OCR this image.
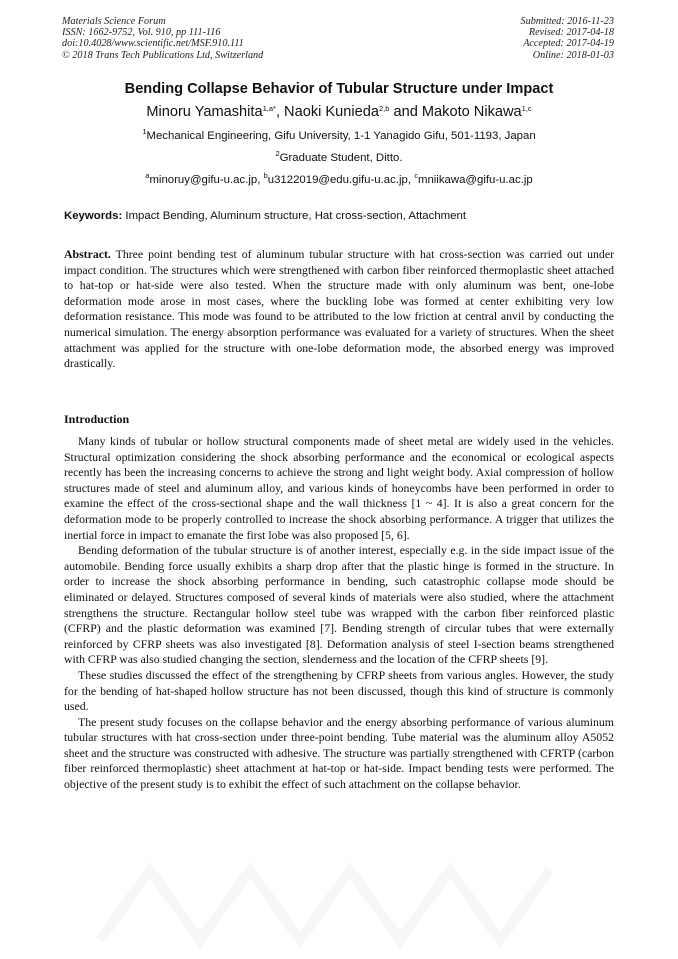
Materials Science Forum
ISSN: 1662-9752, Vol. 910, pp 111-116
doi:10.4028/www.scientific.net/MSF.910.111
© 2018 Trans Tech Publications Ltd, Switzerland
Submitted: 2016-11-23
Revised: 2017-04-18
Accepted: 2017-04-19
Online: 2018-01-03
Bending Collapse Behavior of Tubular Structure under Impact
Minoru Yamashita$^{1,a*}$, Naoki Kunieda$^{2,b}$ and Makoto Nikawa$^{1,c}$
$^1$Mechanical Engineering, Gifu University, 1-1 Yanagido Gifu, 501-1193, Japan
$^2$Graduate Student, Ditto.
$^a$minoruy@gifu-u.ac.jp, $^b$u3122019@edu.gifu-u.ac.jp, $^c$mniikawa@gifu-u.ac.jp
Keywords: Impact Bending, Aluminum structure, Hat cross-section, Attachment
Abstract. Three point bending test of aluminum tubular structure with hat cross-section was carried out under impact condition. The structures which were strengthened with carbon fiber reinforced thermoplastic sheet attached to hat-top or hat-side were also tested. When the structure made with only aluminum was bent, one-lobe deformation mode arose in most cases, where the buckling lobe was formed at center exhibiting very low deformation resistance. This mode was found to be attributed to the low friction at central anvil by conducting the numerical simulation. The energy absorption performance was evaluated for a variety of structures. When the sheet attachment was applied for the structure with one-lobe deformation mode, the absorbed energy was improved drastically.
Introduction

Many kinds of tubular or hollow structural components made of sheet metal are widely used in the vehicles. Structural optimization considering the shock absorbing performance and the economical or ecological aspects recently has been the increasing concerns to achieve the strong and light weight body. Axial compression of hollow structures made of steel and aluminum alloy, and various kinds of honeycombs have been performed in order to examine the effect of the cross-sectional shape and the wall thickness [1 ~ 4]. It is also a great concern for the deformation mode to be properly controlled to increase the shock absorbing performance. A trigger that utilizes the inertial force in impact to emanate the first lobe was also proposed [5, 6].

Bending deformation of the tubular structure is of another interest, especially e.g. in the side impact issue of the automobile. Bending force usually exhibits a sharp drop after that the plastic hinge is formed in the structure. In order to increase the shock absorbing performance in bending, such catastrophic collapse mode should be eliminated or delayed. Structures composed of several kinds of materials were also studied, where the attachment strengthens the structure. Rectangular hollow steel tube was wrapped with the carbon fiber reinforced plastic (CFRP) and the plastic deformation was examined [7]. Bending strength of circular tubes that were externally reinforced by CFRP sheets was also investigated [8]. Deformation analysis of steel I-section beams strengthened with CFRP was also studied changing the section, slenderness and the location of the CFRP sheets [9].

These studies discussed the effect of the strengthening by CFRP sheets from various angles. However, the study for the bending of hat-shaped hollow structure has not been discussed, though this kind of structure is commonly used.

The present study focuses on the collapse behavior and the energy absorbing performance of various aluminum tubular structures with hat cross-section under three-point bending. Tube material was the aluminum alloy A5052 sheet and the structure was constructed with adhesive. The structure was partially strengthened with CFRTP (carbon fiber reinforced thermoplastic) sheet attachment at hat-top or hat-side. Impact bending tests were performed. The objective of the present study is to exhibit the effect of such attachment on the collapse behavior.
